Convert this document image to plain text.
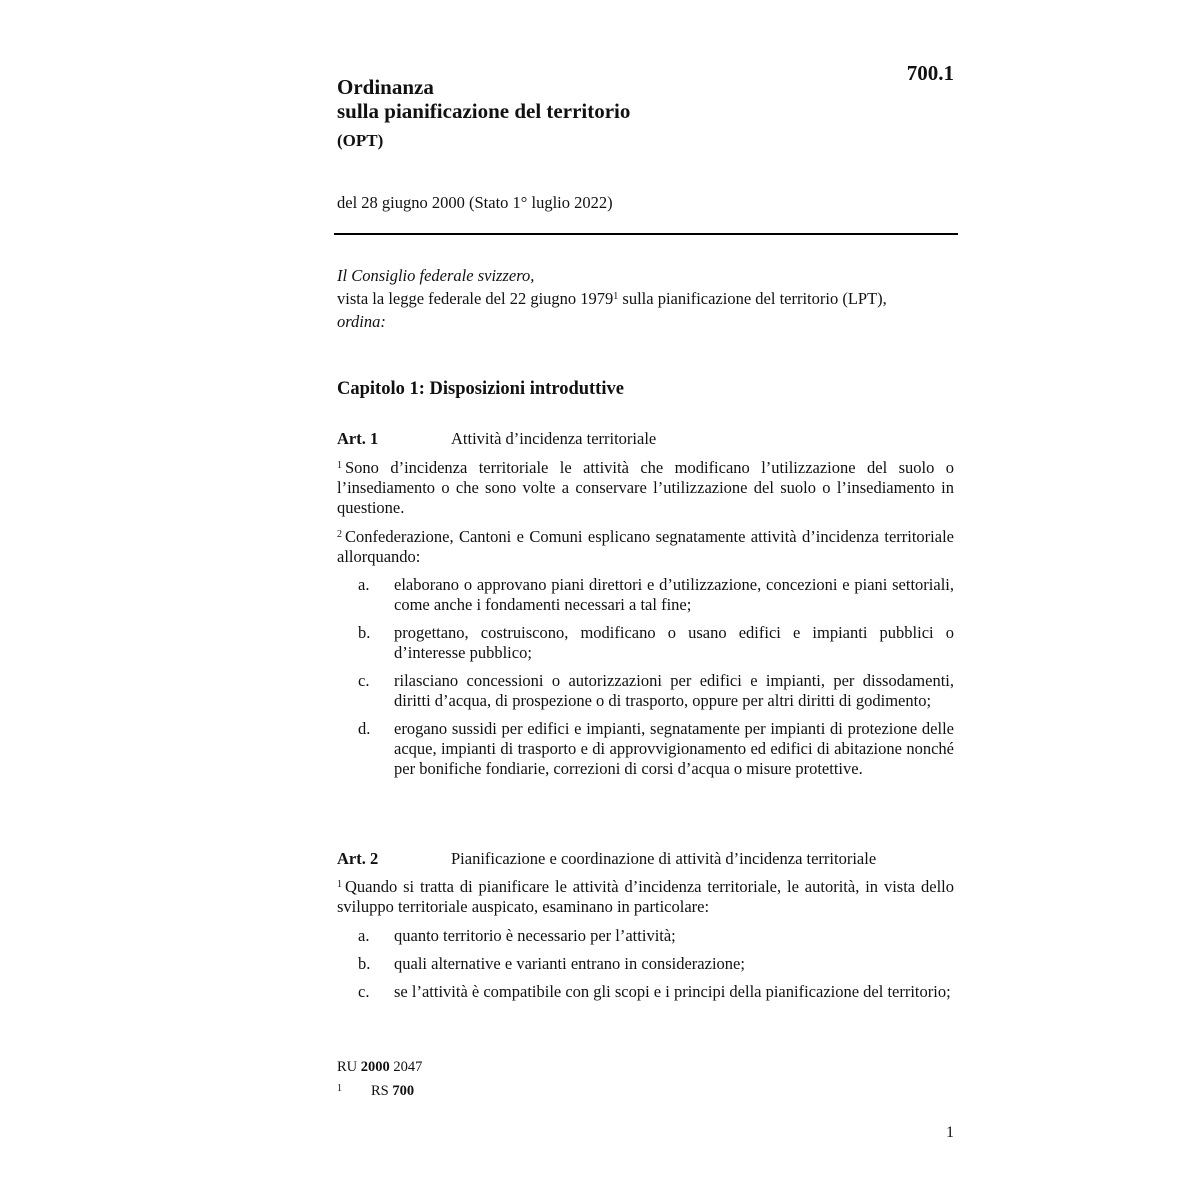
Ordinanza
sulla pianificazione del territorio
(OPT)
700.1
del 28 giugno 2000 (Stato 1° luglio 2022)
Il Consiglio federale svizzero,
vista la legge federale del 22 giugno 1979$^1$ sulla pianificazione del territorio (LPT),
ordina:
Capitolo 1: Disposizioni introduttive
Art. 1	Attività d’incidenza territoriale
$^1$ Sono d’incidenza territoriale le attività che modificano l’utilizzazione del suolo o l’insediamento o che sono volte a conservare l’utilizzazione del suolo o l’insediamento in questione.
$^2$ Confederazione, Cantoni e Comuni esplicano segnatamente attività d’incidenza territoriale allorquando:
a. elaborano o approvano piani direttori e d’utilizzazione, concezioni e piani settoriali, come anche i fondamenti necessari a tal fine;
b. progettano, costruiscono, modificano o usano edifici e impianti pubblici o d’interesse pubblico;
c. rilasciano concessioni o autorizzazioni per edifici e impianti, per dissodamenti, diritti d’acqua, di prospezione o di trasporto, oppure per altri diritti di godimento;
d. erogano sussidi per edifici e impianti, segnatamente per impianti di protezione delle acque, impianti di trasporto e di approvvigionamento ed edifici di abitazione nonché per bonifiche fondiarie, correzioni di corsi d’acqua o misure protettive.
Art. 2	Pianificazione e coordinazione di attività d’incidenza territoriale
$^1$ Quando si tratta di pianificare le attività d’incidenza territoriale, le autorità, in vista dello sviluppo territoriale auspicato, esaminano in particolare:
a. quanto territorio è necessario per l’attività;
b. quali alternative e varianti entrano in considerazione;
c. se l’attività è compatibile con gli scopi e i principi della pianificazione del territorio;
RU 2000 2047
1 RS 700
1
